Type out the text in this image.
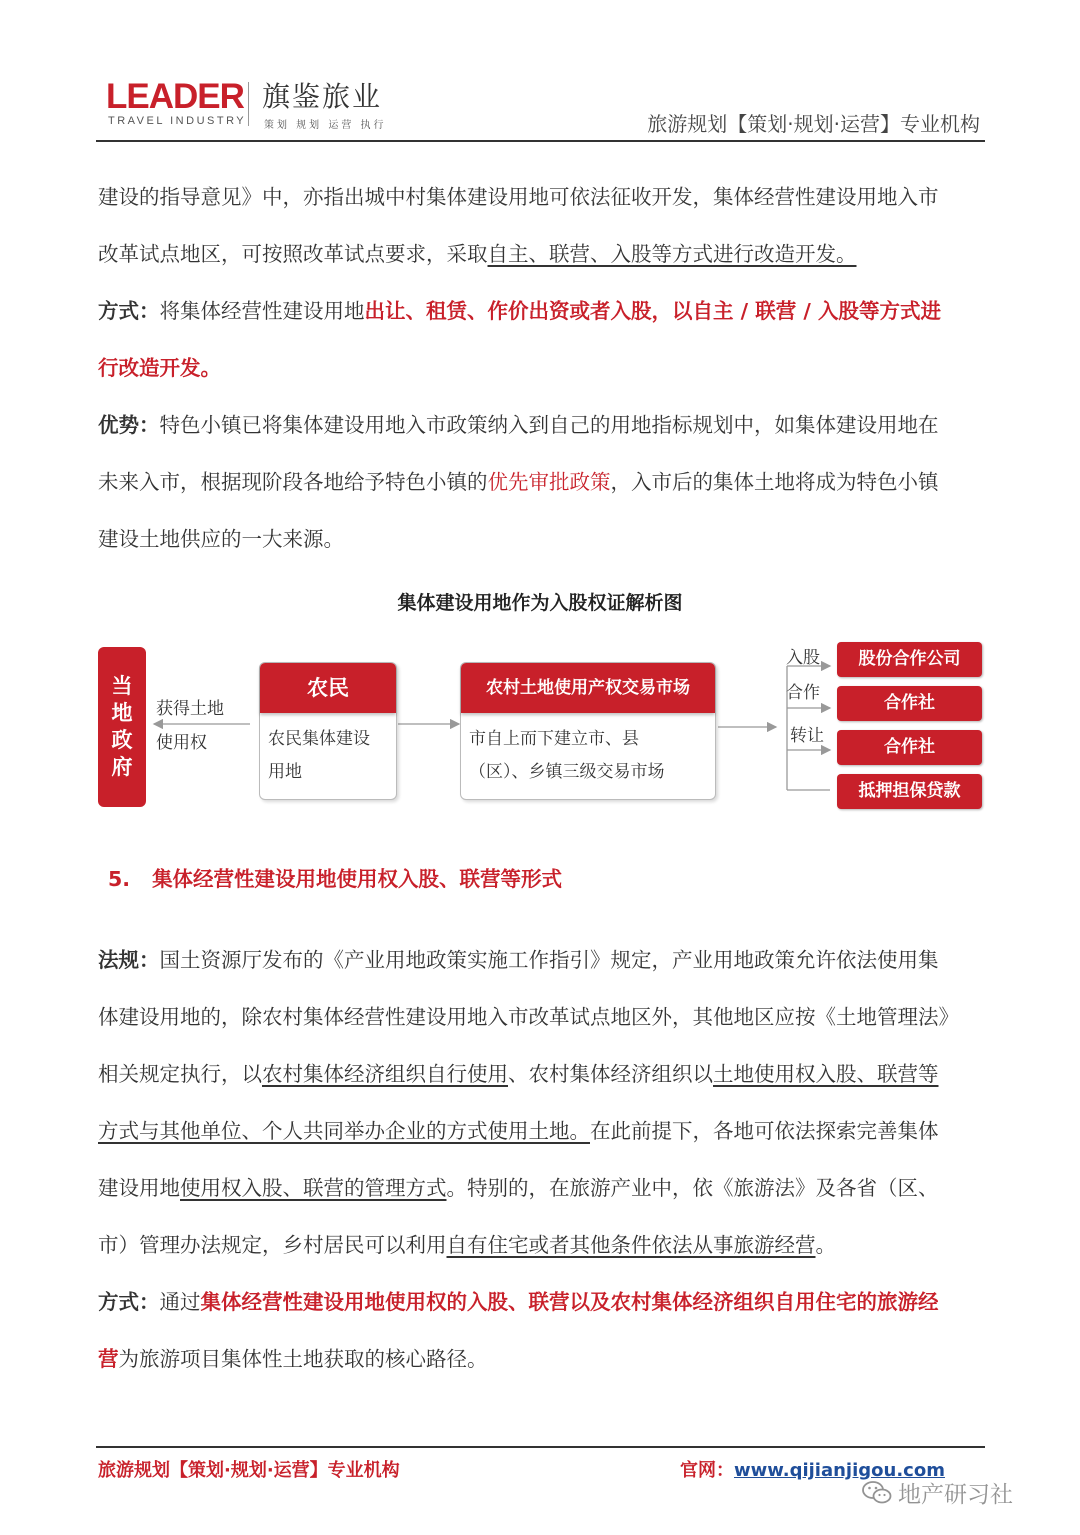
LEADER
TRAVEL INDUSTRY
旗鉴旅业
策划 规划 运营 执行	旅游规划【策划·规划·运营】专业机构
建设的指导意见》中，亦指出城中村集体建设用地可依法征收开发，集体经营性建设用地入市
改革试点地区，可按照改革试点要求，采取自主、联营、入股等方式进行改造开发。
方式：将集体经营性建设用地出让、租赁、作价出资或者入股，以自主 / 联营 / 入股等方式进
行改造开发。
优势：特色小镇已将集体建设用地入市政策纳入到自己的用地指标规划中，如集体建设用地在
未来入市，根据现阶段各地给予特色小镇的优先审批政策，入市后的集体土地将成为特色小镇
建设土地供应的一大来源。
集体建设用地作为入股权证解析图
当
地
政
府
获得土地
使用权
农民
农民集体建设
用地
农村土地使用产权交易市场
市自上而下建立市、县
（区）、乡镇三级交易市场
入股
合作
转让
股份合作公司
合作社
合作社
抵押担保贷款
5. 集体经营性建设用地使用权入股、联营等形式
法规：国土资源厅发布的《产业用地政策实施工作指引》规定，产业用地政策允许依法使用集
体建设用地的，除农村集体经营性建设用地入市改革试点地区外，其他地区应按《土地管理法》
相关规定执行，以农村集体经济组织自行使用、农村集体经济组织以土地使用权入股、联营等
方式与其他单位、个人共同举办企业的方式使用土地。在此前提下，各地可依法探索完善集体
建设用地使用权入股、联营的管理方式。特别的，在旅游产业中，依《旅游法》及各省（区、
市）管理办法规定，乡村居民可以利用自有住宅或者其他条件依法从事旅游经营。
方式：通过集体经营性建设用地使用权的入股、联营以及农村集体经济组织自用住宅的旅游经
营为旅游项目集体性土地获取的核心路径。
旅游规划【策划·规划·运营】专业机构	官网：www.qijianjigou.com
地产研习社
